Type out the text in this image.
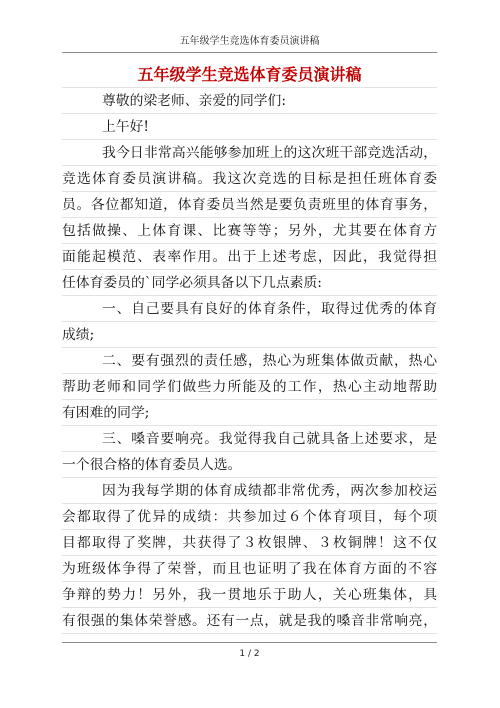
五年级学生竞选体育委员演讲稿
五年级学生竞选体育委员演讲稿
尊敬的梁老师、亲爱的同学们:
上午好!
我今日非常高兴能够参加班上的这次班干部竞选活动，
竞选体育委员演讲稿。我这次竞选的目标是担任班体育委
员。各位都知道，体育委员当然是要负责班里的体育事务，
包括做操、上体育课、比赛等等；另外，尤其要在体育方
面能起模范、表率作用。出于上述考虑，因此，我觉得担
任体育委员的`同学必须具备以下几点素质:
一、自己要具有良好的体育条件，取得过优秀的体育
成绩;
二、要有强烈的责任感，热心为班集体做贡献，热心
帮助老师和同学们做些力所能及的工作，热心主动地帮助
有困难的同学;
三、嗓音要响亮。我觉得我自己就具备上述要求，是
一个很合格的体育委员人选。
因为我每学期的体育成绩都非常优秀，两次参加校运
会都取得了优异的成绩：共参加过６个体育项目，每个项
目都取得了奖牌，共获得了３枚银牌、３枚铜牌！这不仅
为班级体争得了荣誉，而且也证明了我在体育方面的不容
争辩的势力！另外，我一贯地乐于助人，关心班集体，具
有很强的集体荣誉感。还有一点，就是我的嗓音非常响亮，
1 / 2
